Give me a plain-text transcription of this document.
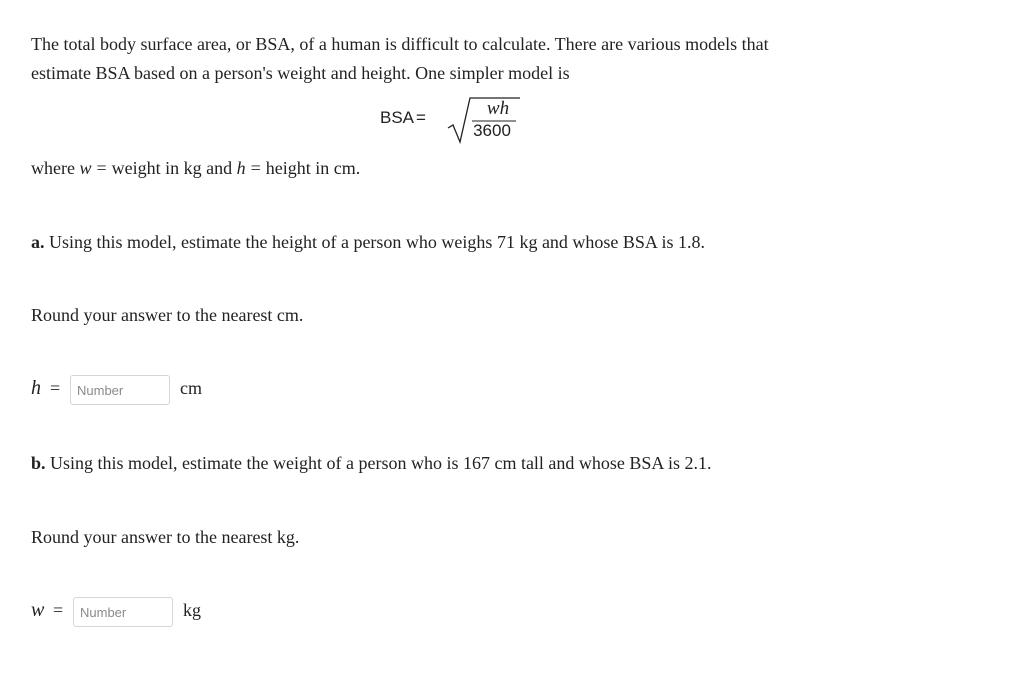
The total body surface area, or BSA, of a human is difficult to calculate. There are various models that
estimate BSA based on a person's weight and height. One simpler model is
BSA =	wh
3600
where w = weight in kg and h = height in cm.
a. Using this model, estimate the height of a person who weighs 71 kg and whose BSA is 1.8.
Round your answer to the nearest cm.
h =
Number	cm
b. Using this model, estimate the weight of a person who is 167 cm tall and whose BSA is 2.1.
Round your answer to the nearest kg.
w =
Number	kg
